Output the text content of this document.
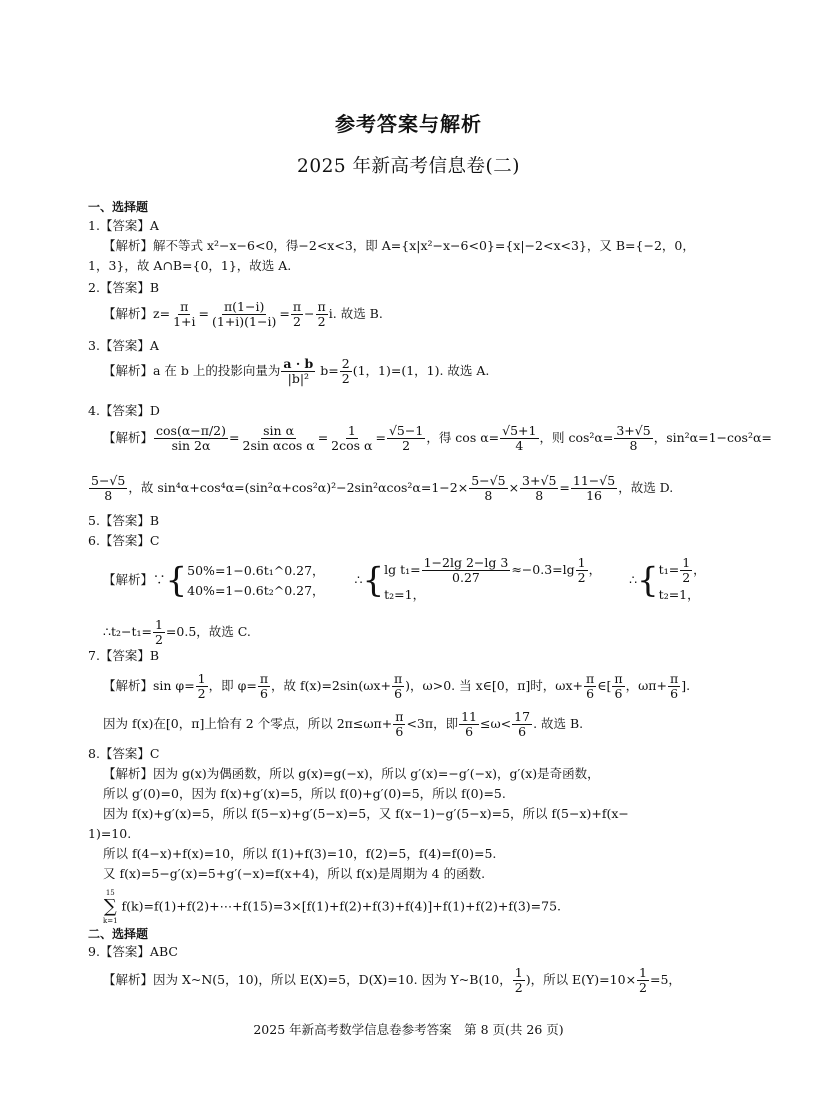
参考答案与解析
2025 年新高考信息卷(二)
一、选择题
1.【答案】A
【解析】解不等式 x²−x−6<0，得−2<x<3，即 A={x|x²−x−6<0}={x|−2<x<3}，又 B={−2，0，
1，3}，故 A∩B={0，1}，故选 A.
2.【答案】B
【解析】$z= \frac{\pi}{1+i} = \frac{\pi(1-i)}{(1+i)(1-i)} = \frac{\pi}{2} - \frac{\pi}{2} i$. 故选 B.
3.【答案】A
【解析】a 在 b 上的投影向量为 $\frac{a \cdot b}{\text{|b|²}} b= \frac{2}{2} (1$，1)=(1，1). 故选 A.
4.【答案】D
【解析】 $\frac{\cos(\alpha-\pi/2)}{\sin 2\alpha} = \frac{\text{sin α}}{\text{2sin αcos α}} = \frac{1}{\text{2cos α}} = \frac{√5-1}{2}$ ，得 $\cos \alpha= \frac{√5+1}{4}$ ，则 $\cos^2\alpha= \frac{3+√5}{8}$ ，sin²α=1−cos²α=
$\frac{5-√5}{8}$ ，故 $\sin^4\alpha+\cos^4\alpha=(\sin^2\alpha+\cos^2\alpha)^2-2\sin^2\alpha\cos^2\alpha=1-2\times \frac{5-√5}{8} \times \frac{3+√5}{8} = \frac{11-√5}{16}$ ，故选 D.
5.【答案】B
6.【答案】C
【解析】∵{ 50%=1−0.6t₁^0.27，
40%=1−0.6t₂^0.27，
∴{ $\lg t_1= \frac{1-2\lg 2-\lg 3}{0.27} \approx-0.3=\lg \frac{1}{2}$ ，
t₂=1，
∴{ $t_1= \frac{1}{2}$ ，
t₂=1，
∴t₂−t₁= $\frac{1}{2} =0.5$，故选 C.
7.【答案】B
【解析】$\sin \varphi= \frac{1}{2}$ ，即 $\varphi= \frac{\pi}{6}$ ，故 $f(x)=2\sin(\omega x+ \frac{\pi}{6}$ )，ω>0. 当 x∈[0，π]时，$\omega x+ \frac{\pi}{6}$ ∈[ $\frac{\pi}{6}$ ，$\omega\pi+ \frac{\pi}{6}$ ].
因为 f(x)在[0，π]上恰有 2 个零点，所以 $2\pi\le\omega\pi+ \frac{\pi}{6} <3\pi$，即 $\frac{11}{6} \le\omega< \frac{17}{6}$ . 故选 B.
8.【答案】C
【解析】因为 g(x)为偶函数，所以 g(x)=g(−x)，所以 g′(x)=−g′(−x)，g′(x)是奇函数，
所以 g′(0)=0，因为 f(x)+g′(x)=5，所以 f(0)+g′(0)=5，所以 f(0)=5.
因为 f(x)+g′(x)=5，所以 f(5−x)+g′(5−x)=5，又 f(x−1)−g′(5−x)=5，所以 f(5−x)+f(x−
1)=10.
所以 f(4−x)+f(x)=10，所以 f(1)+f(3)=10，f(2)=5，f(4)=f(0)=5.
又 f(x)=5−g′(x)=5+g′(−x)=f(x+4)，所以 f(x)是周期为 4 的函数.
15
∑
k=1
f(k)=f(1)+f(2)+⋯+f(15)=3×[f(1)+f(2)+f(3)+f(4)]+f(1)+f(2)+f(3)=75.
二、选择题
9.【答案】ABC
【解析】因为 X~N(5，10)，所以 E(X)=5，D(X)=10. 因为 Y~B(10， $\frac{1}{2}$ )，所以 $E(Y)=10\times \frac{1}{2} =5$，
2025 年新高考数学信息卷参考答案　第 8 页(共 26 页)
